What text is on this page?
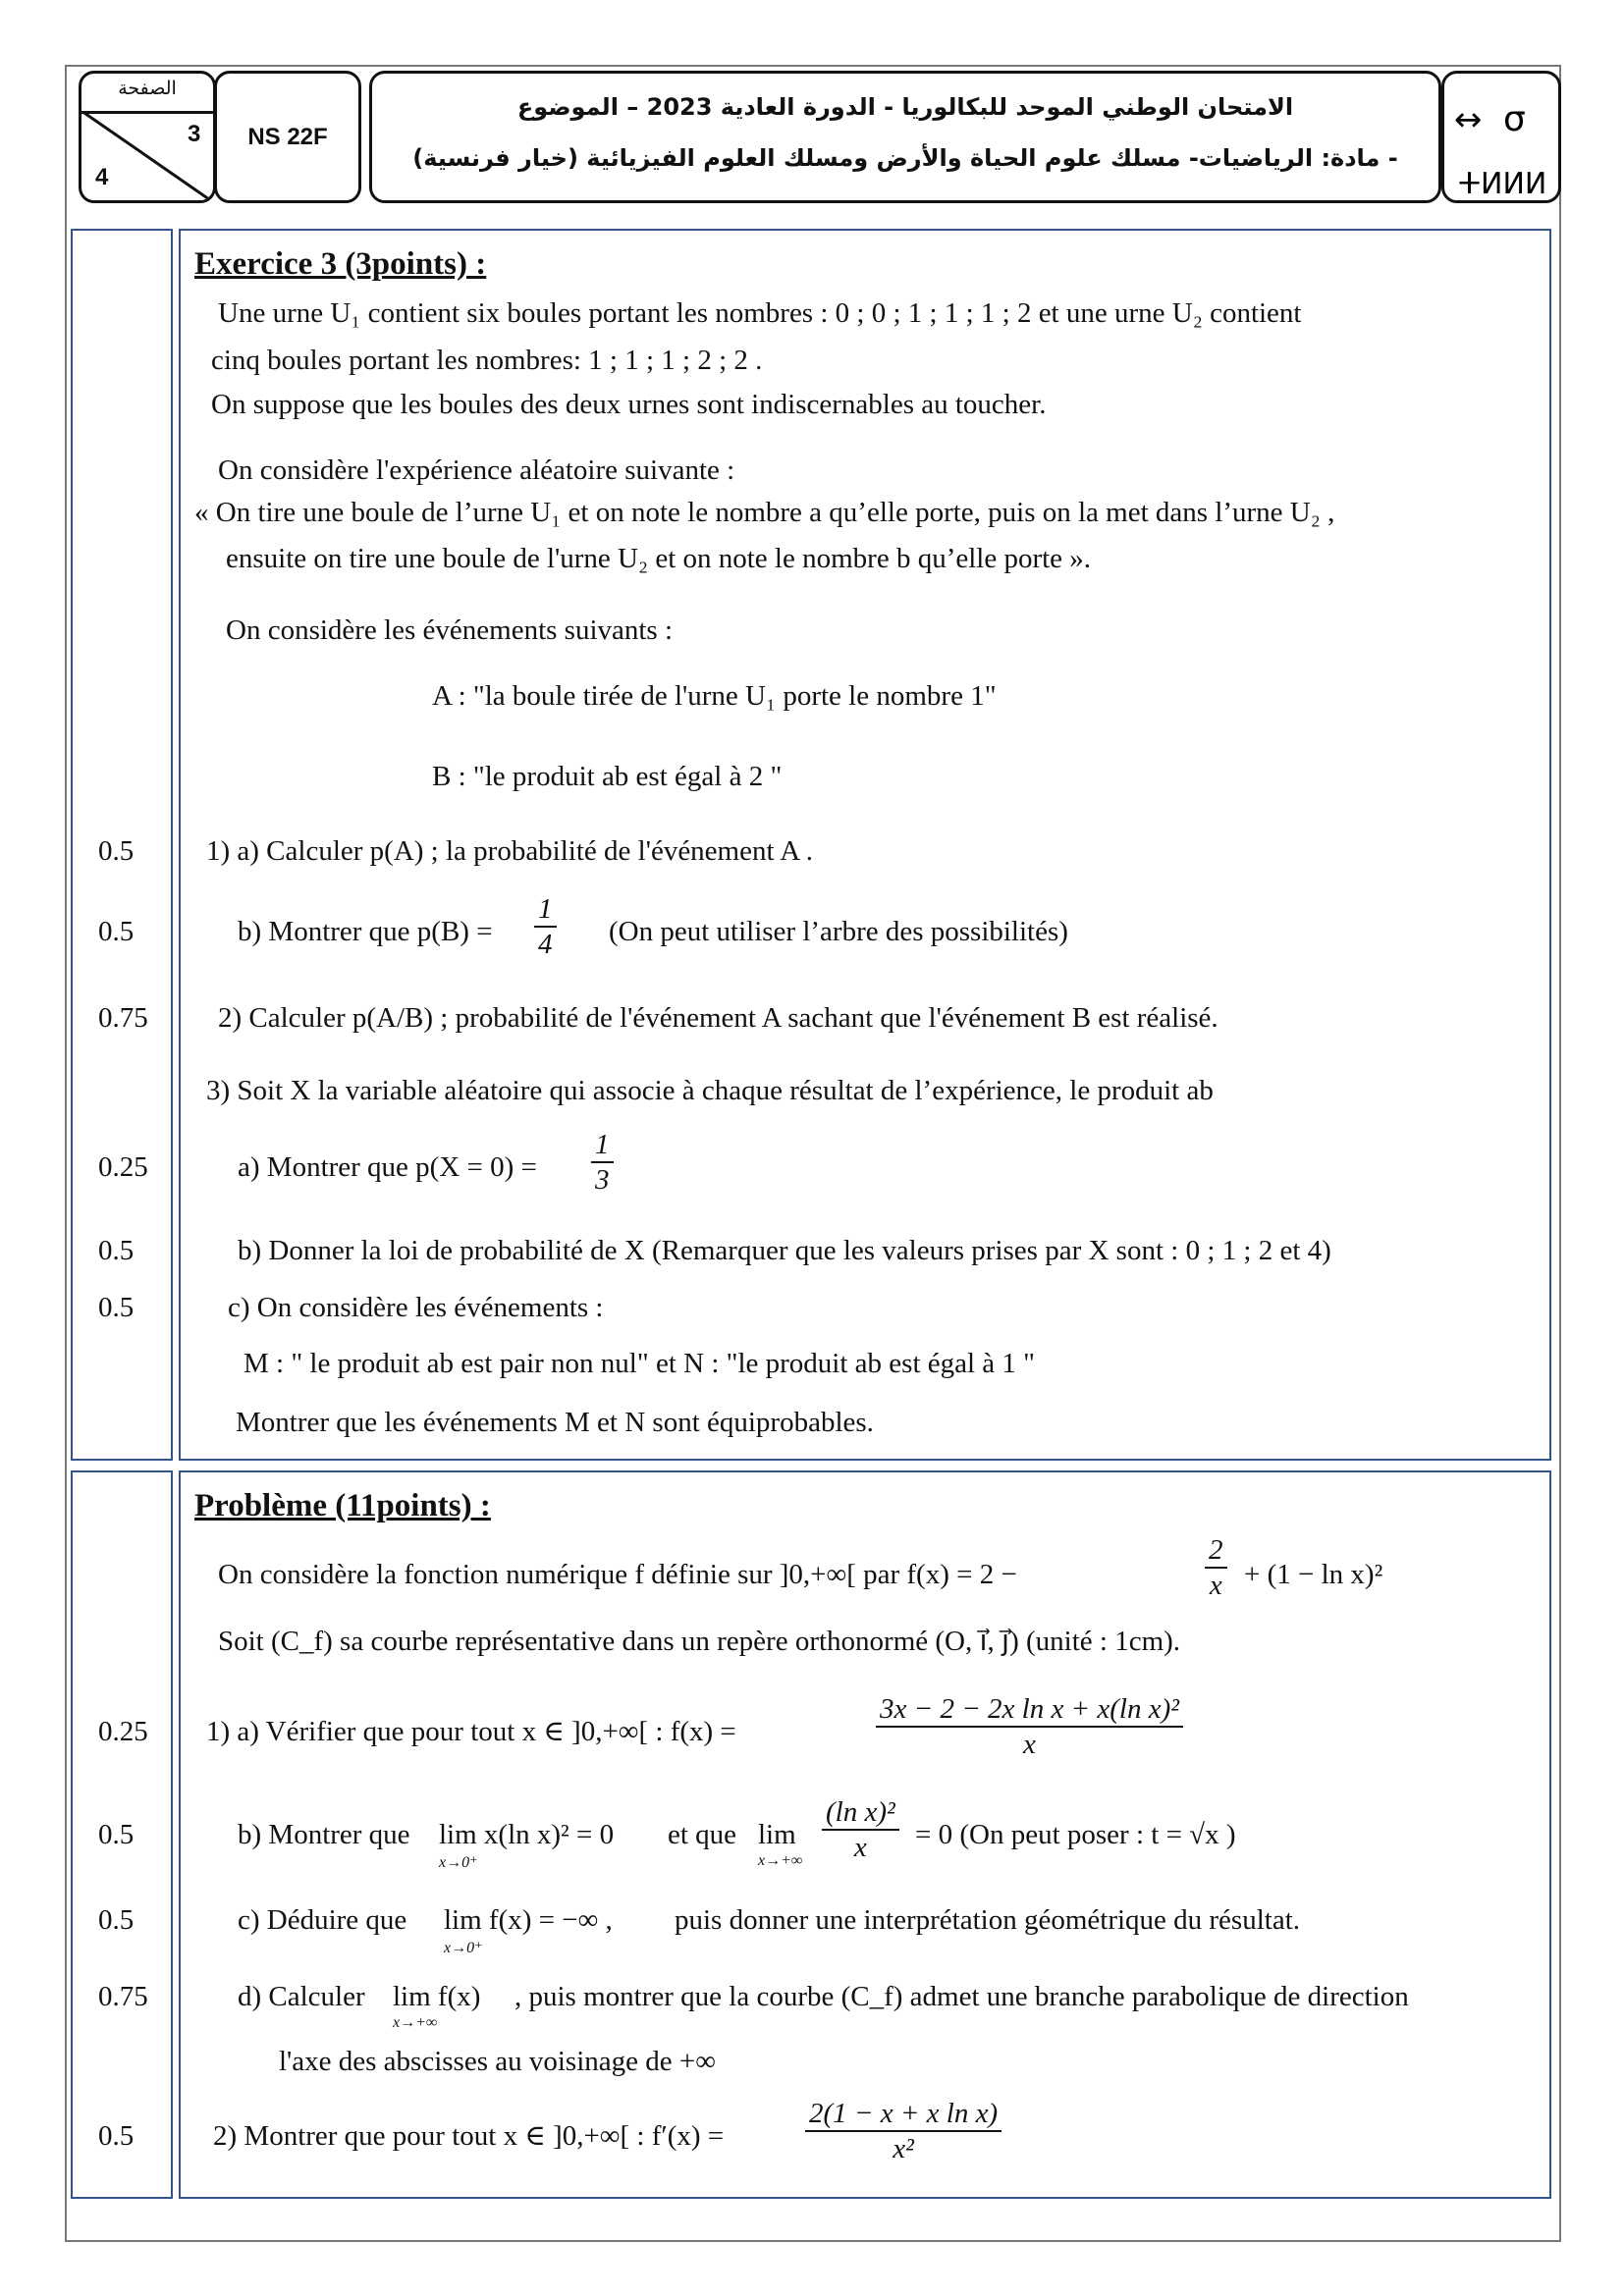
الصفحة
3
4
NS 22F
الامتحان الوطني الموحد للبكالوريا - الدورة العادية 2023 – الموضوع
- مادة: الرياضيات- مسلك علوم الحياة والأرض ومسلك العلوم الفيزيائية (خيار فرنسية)
↔ σ
ⵜⵍⵍⵍ
Exercice 3 (3points) :
Une urne U₁ contient six boules portant les nombres : 0 ; 0 ; 1 ; 1 ; 1 ; 2 et une urne U₂ contient
cinq boules portant les nombres: 1 ; 1 ; 1 ; 2 ; 2 .
On suppose que les boules des deux urnes sont indiscernables au toucher.
On considère l'expérience aléatoire suivante :
« On tire une boule de l’urne U₁ et on note le nombre a qu’elle porte, puis on la met dans l’urne U₂ ,
ensuite on tire une boule de l'urne U₂ et on note le nombre b qu’elle porte ».
On considère les événements suivants :
A : "la boule tirée de l'urne U₁ porte le nombre 1"
B : "le produit ab est égal à 2 "
0.5	1) a) Calculer p(A) ; la probabilité de l'événement A .
0.5	b) Montrer que $p(B) = \frac{1}{4} (On$ peut utiliser l’arbre des possibilités)
0.75 2) Calculer p(A/B) ; probabilité de l'événement A sachant que l'événement B est réalisé.
3) Soit X la variable aléatoire qui associe à chaque résultat de l’expérience, le produit ab
0.25	a) Montrer que $p(X = 0) = \frac{1}{3}$
0.5	b) Donner la loi de probabilité de X (Remarquer que les valeurs prises par X sont : 0 ; 1 ; 2 et 4)
0.5	c) On considère les événements :
M : " le produit ab est pair non nul" et N : "le produit ab est égal à 1 "
Montrer que les événements M et N sont équiprobables.
Problème (11points) :
On considère la fonction numérique f définie sur ]0,+∞[ par f(x) = 2 −	$\frac{2}{x} + (1 - \ln x)^2$
Soit (C_f) sa courbe représentative dans un repère orthonormé (O, i⃗, j⃗) (unité : 1cm).
0.25 1) a) Vérifier que pour tout x ∈ ]0,+∞[ : f(x) =	$\frac{\text{3x − 2 − 2x ln x + x(ln x)²}}{x}$
0.5	b) Montrer que lim x(ln x)² = 0
x→0⁺
et que lim
$x\to+\infty \frac{\text{(ln x)²}}{x} = 0$ (On peut poser : t = √x )
0.5	c) Déduire que lim f(x) = −∞ ,
x→0⁺
puis donner une interprétation géométrique du résultat.
0.75	d) Calculer lim f(x)
x→+∞
, puis montrer que la courbe (C_f) admet une branche parabolique de direction
l'axe des abscisses au voisinage de +∞
0.5	2) Montrer que pour tout x ∈ ]0,+∞[ : f′(x) =	$\frac{\text{2(1 − x + x ln x)}}{\text{x²}}$
